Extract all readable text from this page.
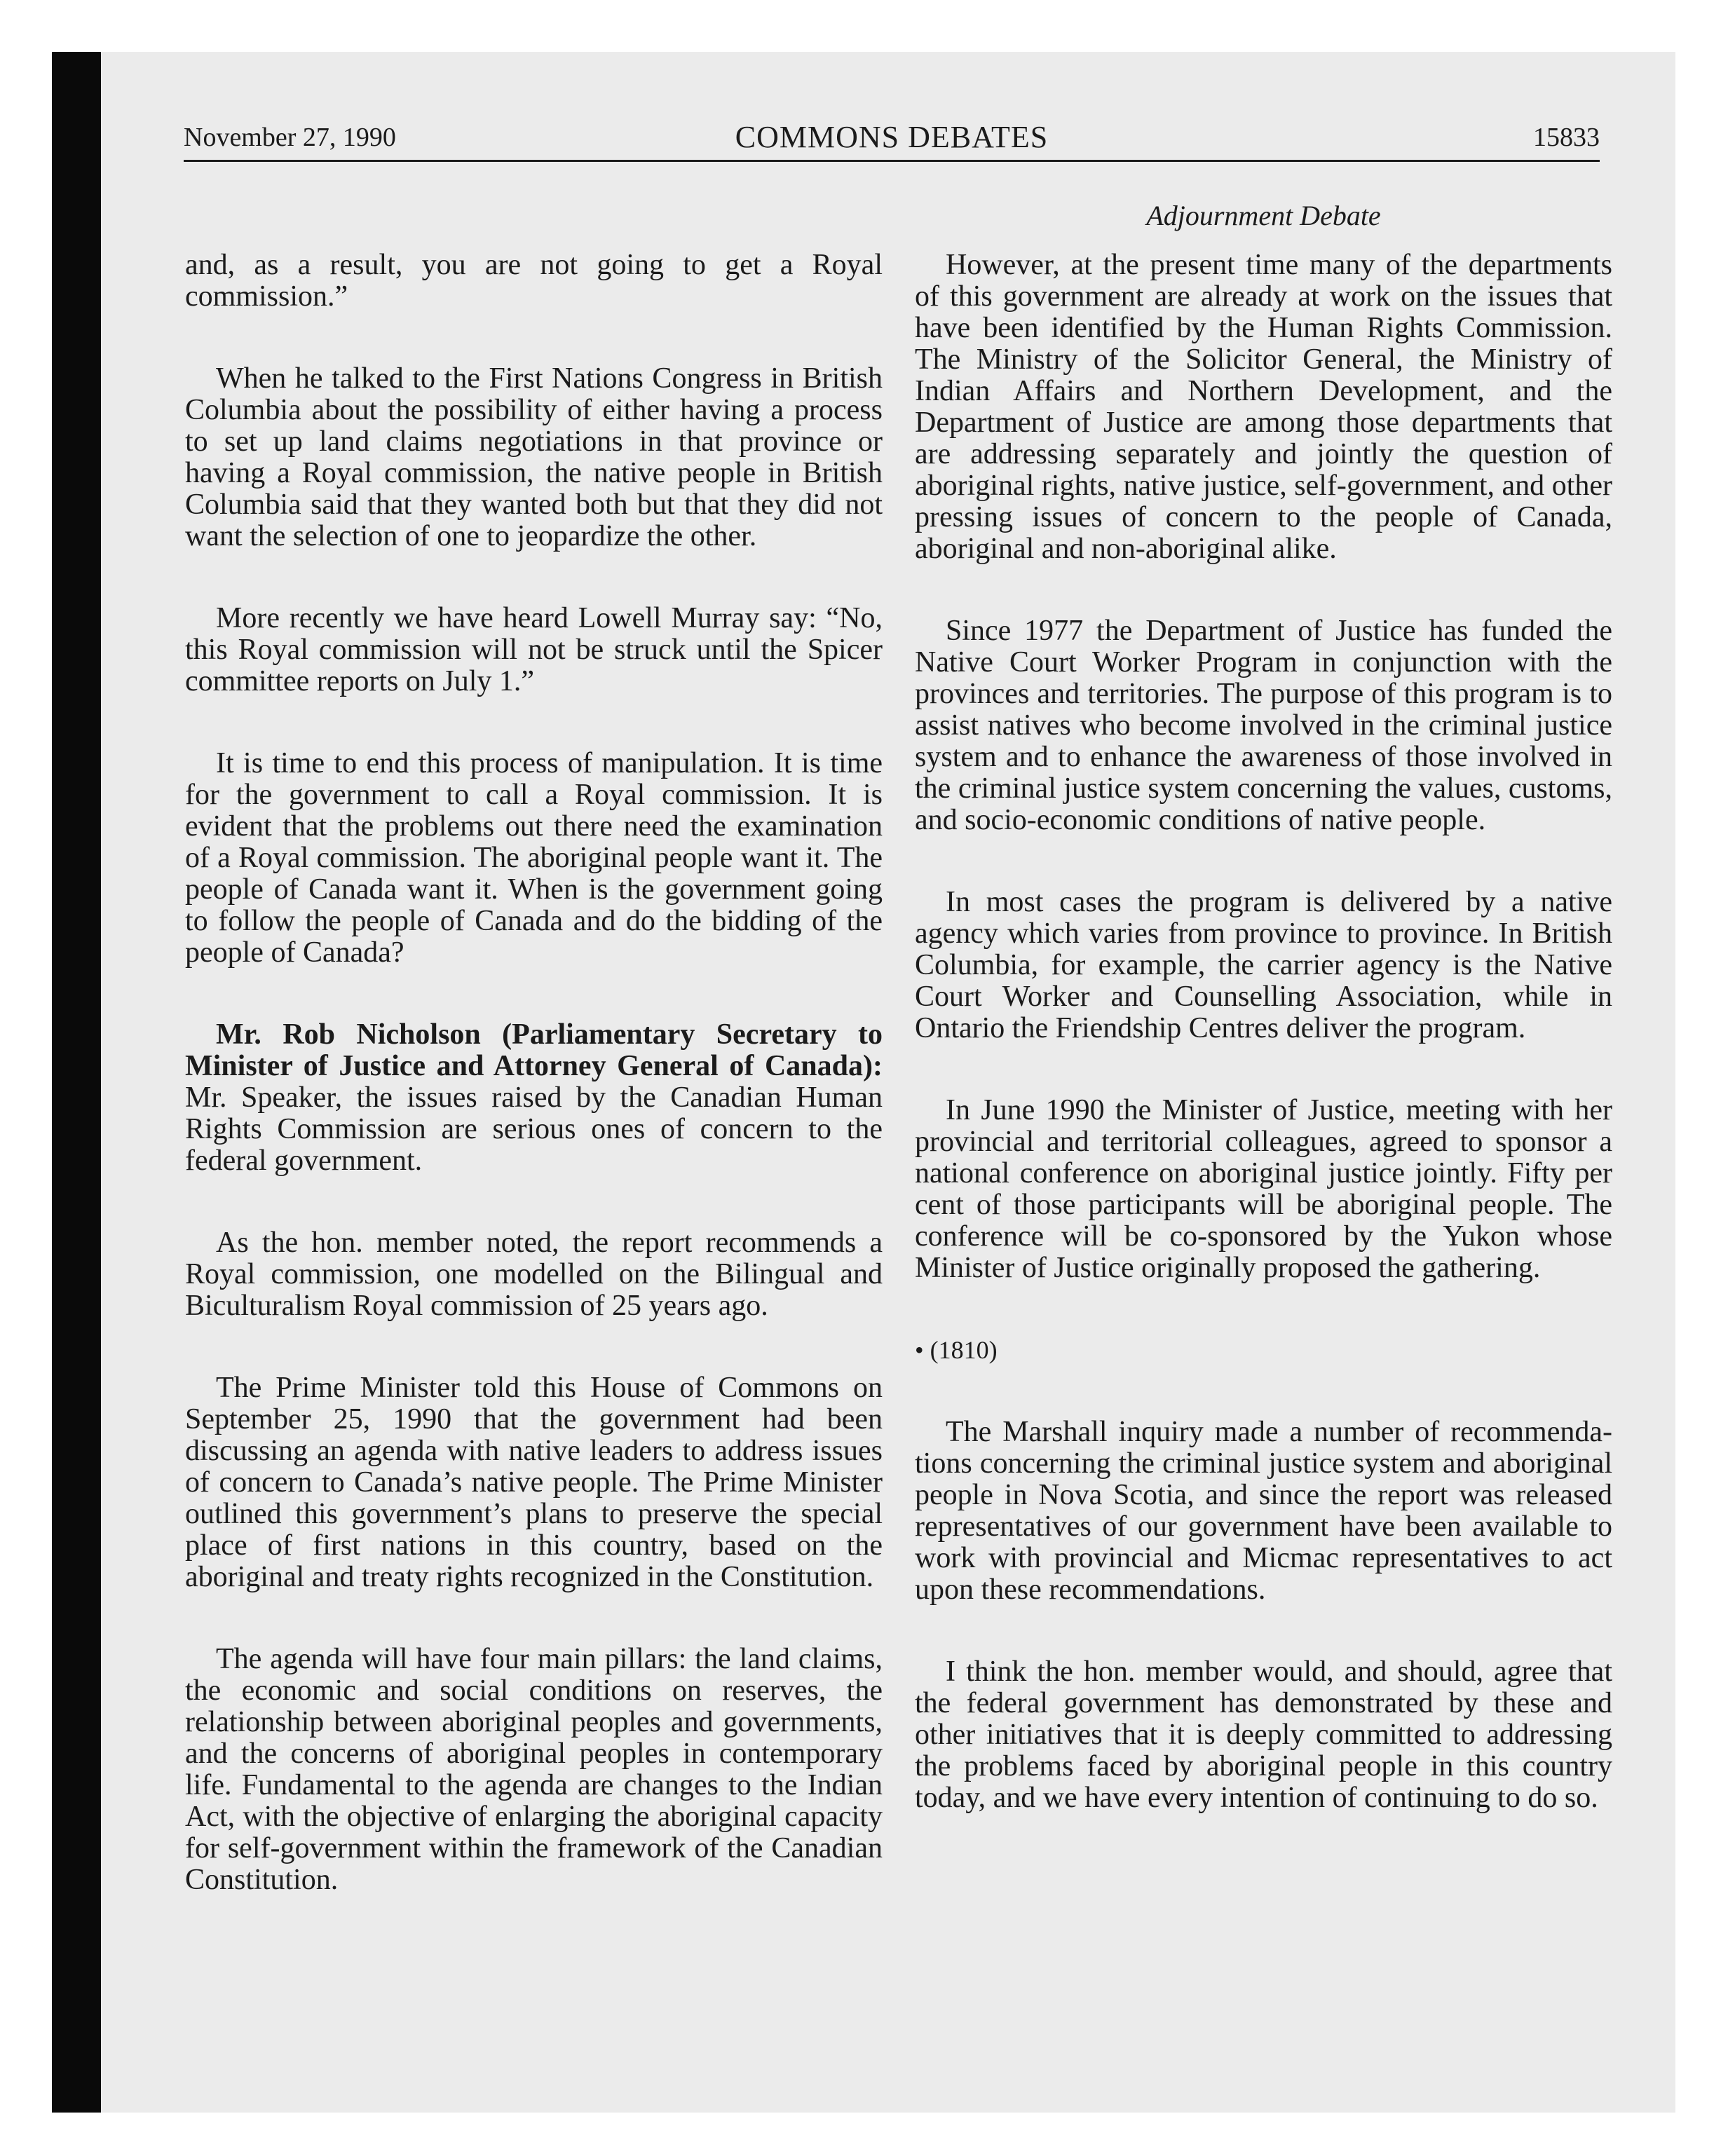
November 27, 1990	COMMONS DEBATES	15833
Adjournment Debate

and, as a result, you are not going to get a Royal commission.”

When he talked to the First Nations Congress in British Columbia about the possibility of either having a process to set up land claims negotiations in that province or having a Royal commission, the native people in British Columbia said that they wanted both but that they did not want the selection of one to jeopardize the other.

More recently we have heard Lowell Murray say: “No, this Royal commission will not be struck until the Spicer committee reports on July 1.”

It is time to end this process of manipulation. It is time for the government to call a Royal commission. It is evident that the problems out there need the examination of a Royal commission. The aboriginal people want it. The people of Canada want it. When is the government going to follow the people of Canada and do the bidding of the people of Canada?

Mr. Rob Nicholson (Parliamentary Secretary to Minister of Justice and Attorney General of Canada): Mr. Speaker, the issues raised by the Canadian Human Rights Commission are serious ones of concern to the federal government.

As the hon. member noted, the report recommends a Royal commission, one modelled on the Bilingual and Biculturalism Royal commission of 25 years ago.

The Prime Minister told this House of Commons on September 25, 1990 that the government had been discussing an agenda with native leaders to address issues of concern to Canada’s native people. The Prime Minister outlined this government’s plans to preserve the special place of first nations in this country, based on the aboriginal and treaty rights recognized in the Constitution.

The agenda will have four main pillars: the land claims, the economic and social conditions on reserves, the relationship between aboriginal peoples and governments, and the concerns of aboriginal peoples in contemporary life. Fundamental to the agenda are changes to the Indian Act, with the objective of enlarging the aboriginal capacity for self-government within the framework of the Canadian Constitution.

However, at the present time many of the departments of this government are already at work on the issues that have been identified by the Human Rights Commission. The Ministry of the Solicitor General, the Ministry of Indian Affairs and Northern Development, and the Department of Justice are among those departments that are addressing separately and jointly the question of aboriginal rights, native justice, self-government, and other pressing issues of concern to the people of Canada, aboriginal and non-aboriginal alike.

Since 1977 the Department of Justice has funded the Native Court Worker Program in conjunction with the provinces and territories. The purpose of this program is to assist natives who become involved in the criminal justice system and to enhance the awareness of those involved in the criminal justice system concerning the values, customs, and socio-economic conditions of native people.

In most cases the program is delivered by a native agency which varies from province to province. In British Columbia, for example, the carrier agency is the Native Court Worker and Counselling Association, while in Ontario the Friendship Centres deliver the program.

In June 1990 the Minister of Justice, meeting with her provincial and territorial colleagues, agreed to sponsor a national conference on aboriginal justice jointly. Fifty per cent of those participants will be aboriginal people. The conference will be co-sponsored by the Yukon whose Minister of Justice originally proposed the gathering.

• (1810)

The Marshall inquiry made a number of recommendations concerning the criminal justice system and aboriginal people in Nova Scotia, and since the report was released representatives of our government have been available to work with provincial and Micmac representatives to act upon these recommendations.

I think the hon. member would, and should, agree that the federal government has demonstrated by these and other initiatives that it is deeply committed to addressing the problems faced by aboriginal people in this country today, and we have every intention of continuing to do so.
